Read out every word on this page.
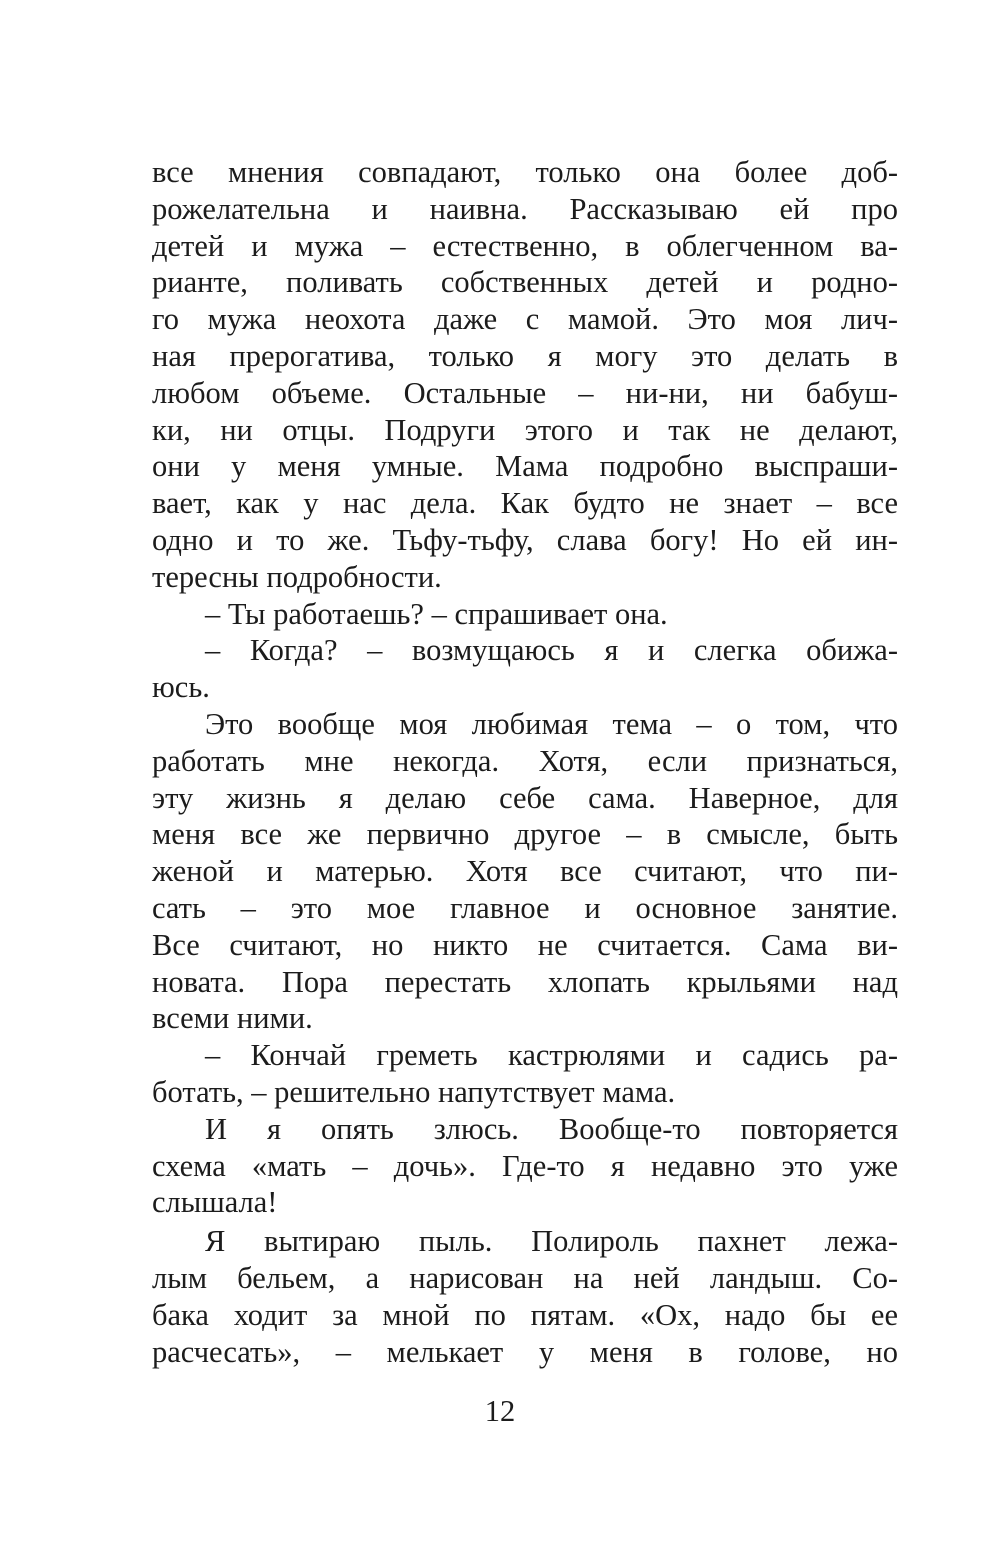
все мнения совпадают, только она более доб-
рожелательна и наивна. Рассказываю ей про
детей и мужа – естественно, в облегченном ва-
рианте, поливать собственных детей и родно-
го мужа неохота даже с мамой. Это моя лич-
ная прерогатива, только я могу это делать в
любом объеме. Остальные – ни-ни, ни бабуш-
ки, ни отцы. Подруги этого и так не делают,
они у меня умные. Мама подробно выспраши-
вает, как у нас дела. Как будто не знает – все
одно и то же. Тьфу-тьфу, слава богу! Но ей ин-
тересны подробности.
– Ты работаешь? – спрашивает она.
– Когда? – возмущаюсь я и слегка обижа-
юсь.
Это вообще моя любимая тема – о том, что
работать мне некогда. Хотя, если признаться,
эту жизнь я делаю себе сама. Наверное, для
меня все же первично другое – в смысле, быть
женой и матерью. Хотя все считают, что пи-
сать – это мое главное и основное занятие.
Все считают, но никто не считается. Сама ви-
новата. Пора перестать хлопать крыльями над
всеми ними.
– Кончай греметь кастрюлями и садись ра-
ботать, – решительно напутствует мама.
И я опять злюсь. Вообще-то повторяется
схема «мать – дочь». Где-то я недавно это уже
слышала!
Я вытираю пыль. Полироль пахнет лежа-
лым бельем, а нарисован на ней ландыш. Со-
бака ходит за мной по пятам. «Ох, надо бы ее
расчесать», – мелькает у меня в голове, но
12
